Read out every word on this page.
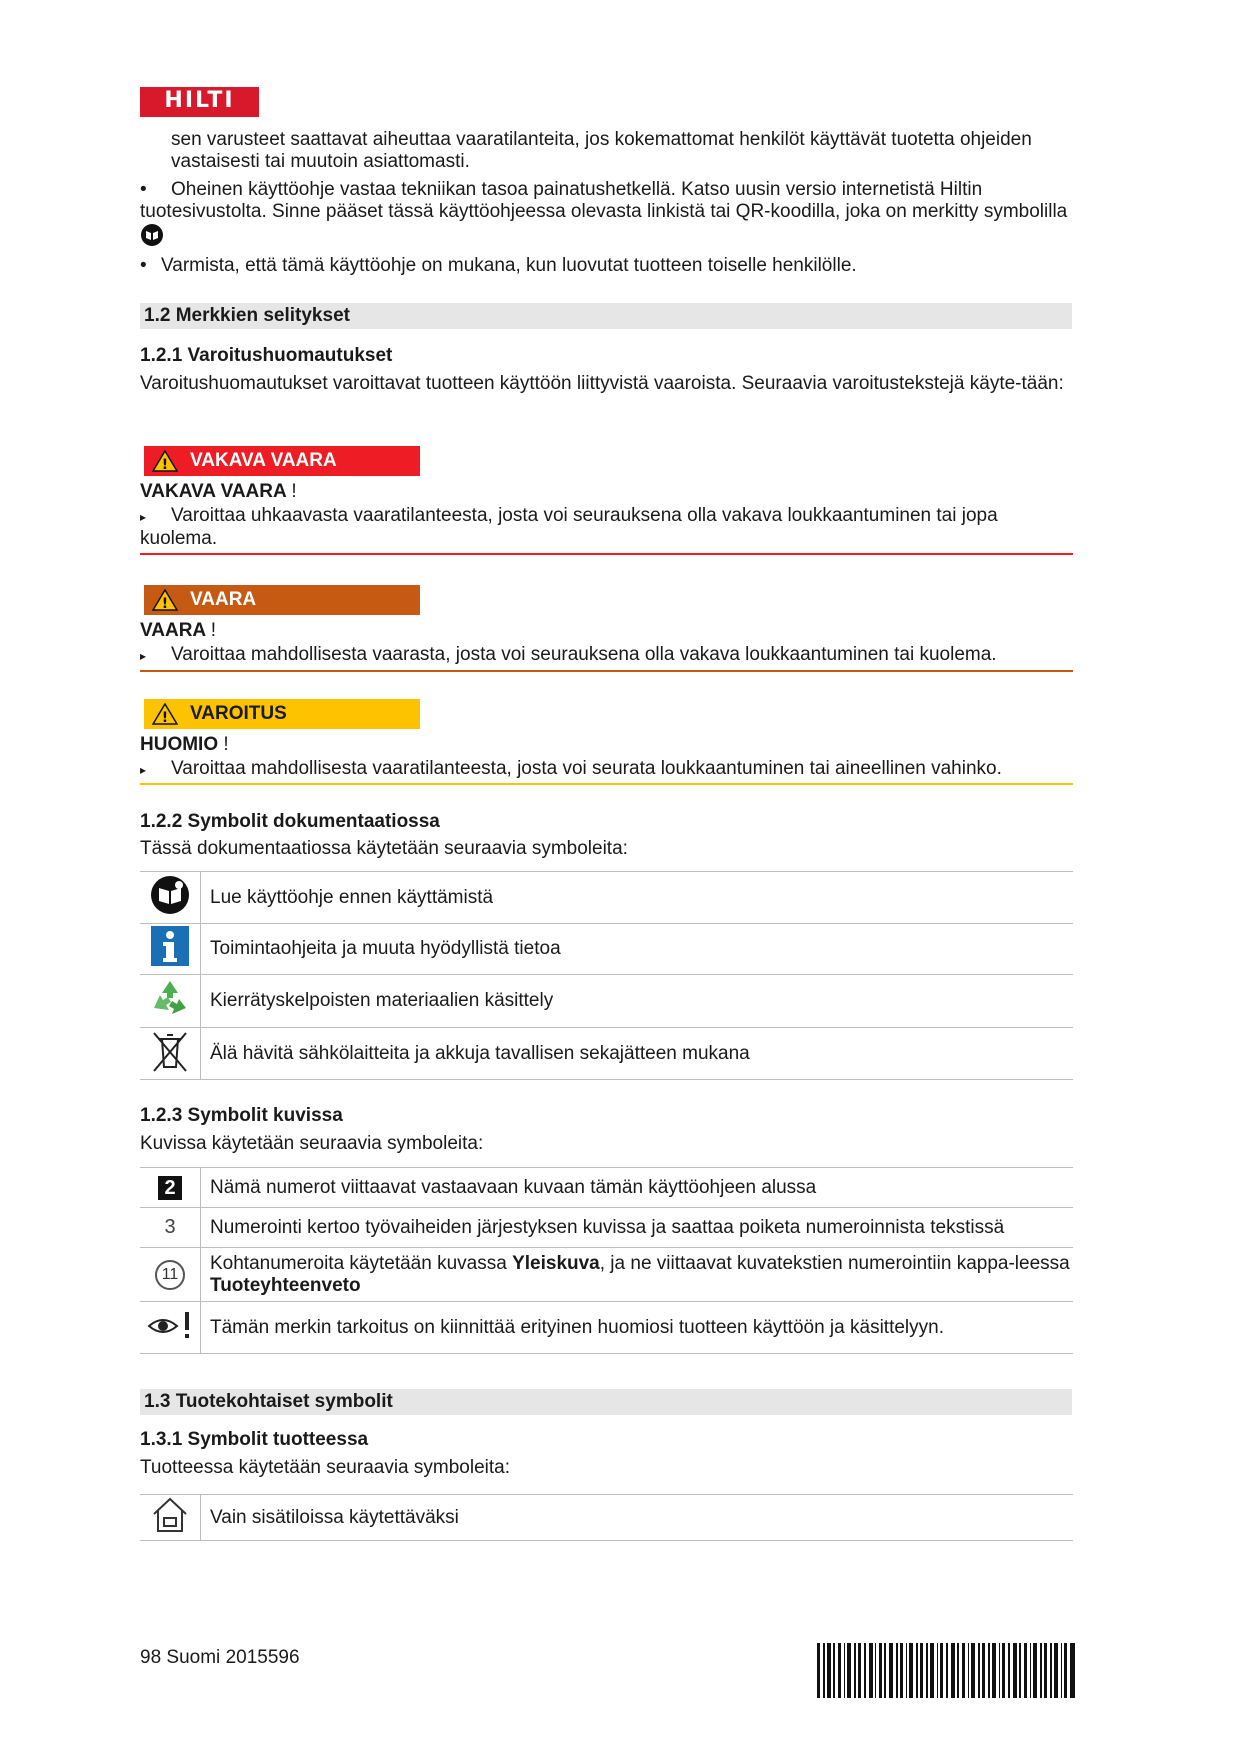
HILTI
sen varusteet saattavat aiheuttaa vaaratilanteita, jos kokemattomat henkilöt käyttävät tuotetta ohjeiden vastaisesti tai muutoin asiattomasti.
• Oheinen käyttöohje vastaa tekniikan tasoa painatushetkellä. Katso uusin versio internetistä Hiltin tuotesivustolta. Sinne pääset tässä käyttöohjeessa olevasta linkistä tai QR-koodilla, joka on merkitty symbolilla
• Varmista, että tämä käyttöohje on mukana, kun luovutat tuotteen toiselle henkilölle.
1.2 Merkkien selitykset
1.2.1 Varoitushuomautukset
Varoitushuomautukset varoittavat tuotteen käyttöön liittyvistä vaaroista. Seuraavia varoitustekstejä käyte-tään:
! VAKAVA VAARA
VAKAVA VAARA !
▸ Varoittaa uhkaavasta vaaratilanteesta, josta voi seurauksena olla vakava loukkaantuminen tai jopa kuolema.
! VAARA
VAARA !
▸ Varoittaa mahdollisesta vaarasta, josta voi seurauksena olla vakava loukkaantuminen tai kuolema.
! VAROITUS
HUOMIO !
▸ Varoittaa mahdollisesta vaaratilanteesta, josta voi seurata loukkaantuminen tai aineellinen vahinko.
1.2.2 Symbolit dokumentaatiossa
Tässä dokumentaatiossa käytetään seuraavia symboleita:
	Lue käyttöohje ennen käyttämistä
	Toimintaohjeita ja muuta hyödyllistä tietoa
	Kierrätyskelpoisten materiaalien käsittely
	Älä hävitä sähkölaitteita ja akkuja tavallisen sekajätteen mukana
1.2.3 Symbolit kuvissa
Kuvissa käytetään seuraavia symboleita:
2	Nämä numerot viittaavat vastaavaan kuvaan tämän käyttöohjeen alussa
3	Numerointi kertoo työvaiheiden järjestyksen kuvissa ja saattaa poiketa numeroinnista tekstissä
11	Kohtanumeroita käytetään kuvassa Yleiskuva, ja ne viittaavat kuvatekstien numerointiin kappa-leessa Tuoteyhteenveto
	Tämän merkin tarkoitus on kiinnittää erityinen huomiosi tuotteen käyttöön ja käsittelyyn.
1.3 Tuotekohtaiset symbolit
1.3.1 Symbolit tuotteessa
Tuotteessa käytetään seuraavia symboleita:
	Vain sisätiloissa käytettäväksi
98 Suomi 2015596
